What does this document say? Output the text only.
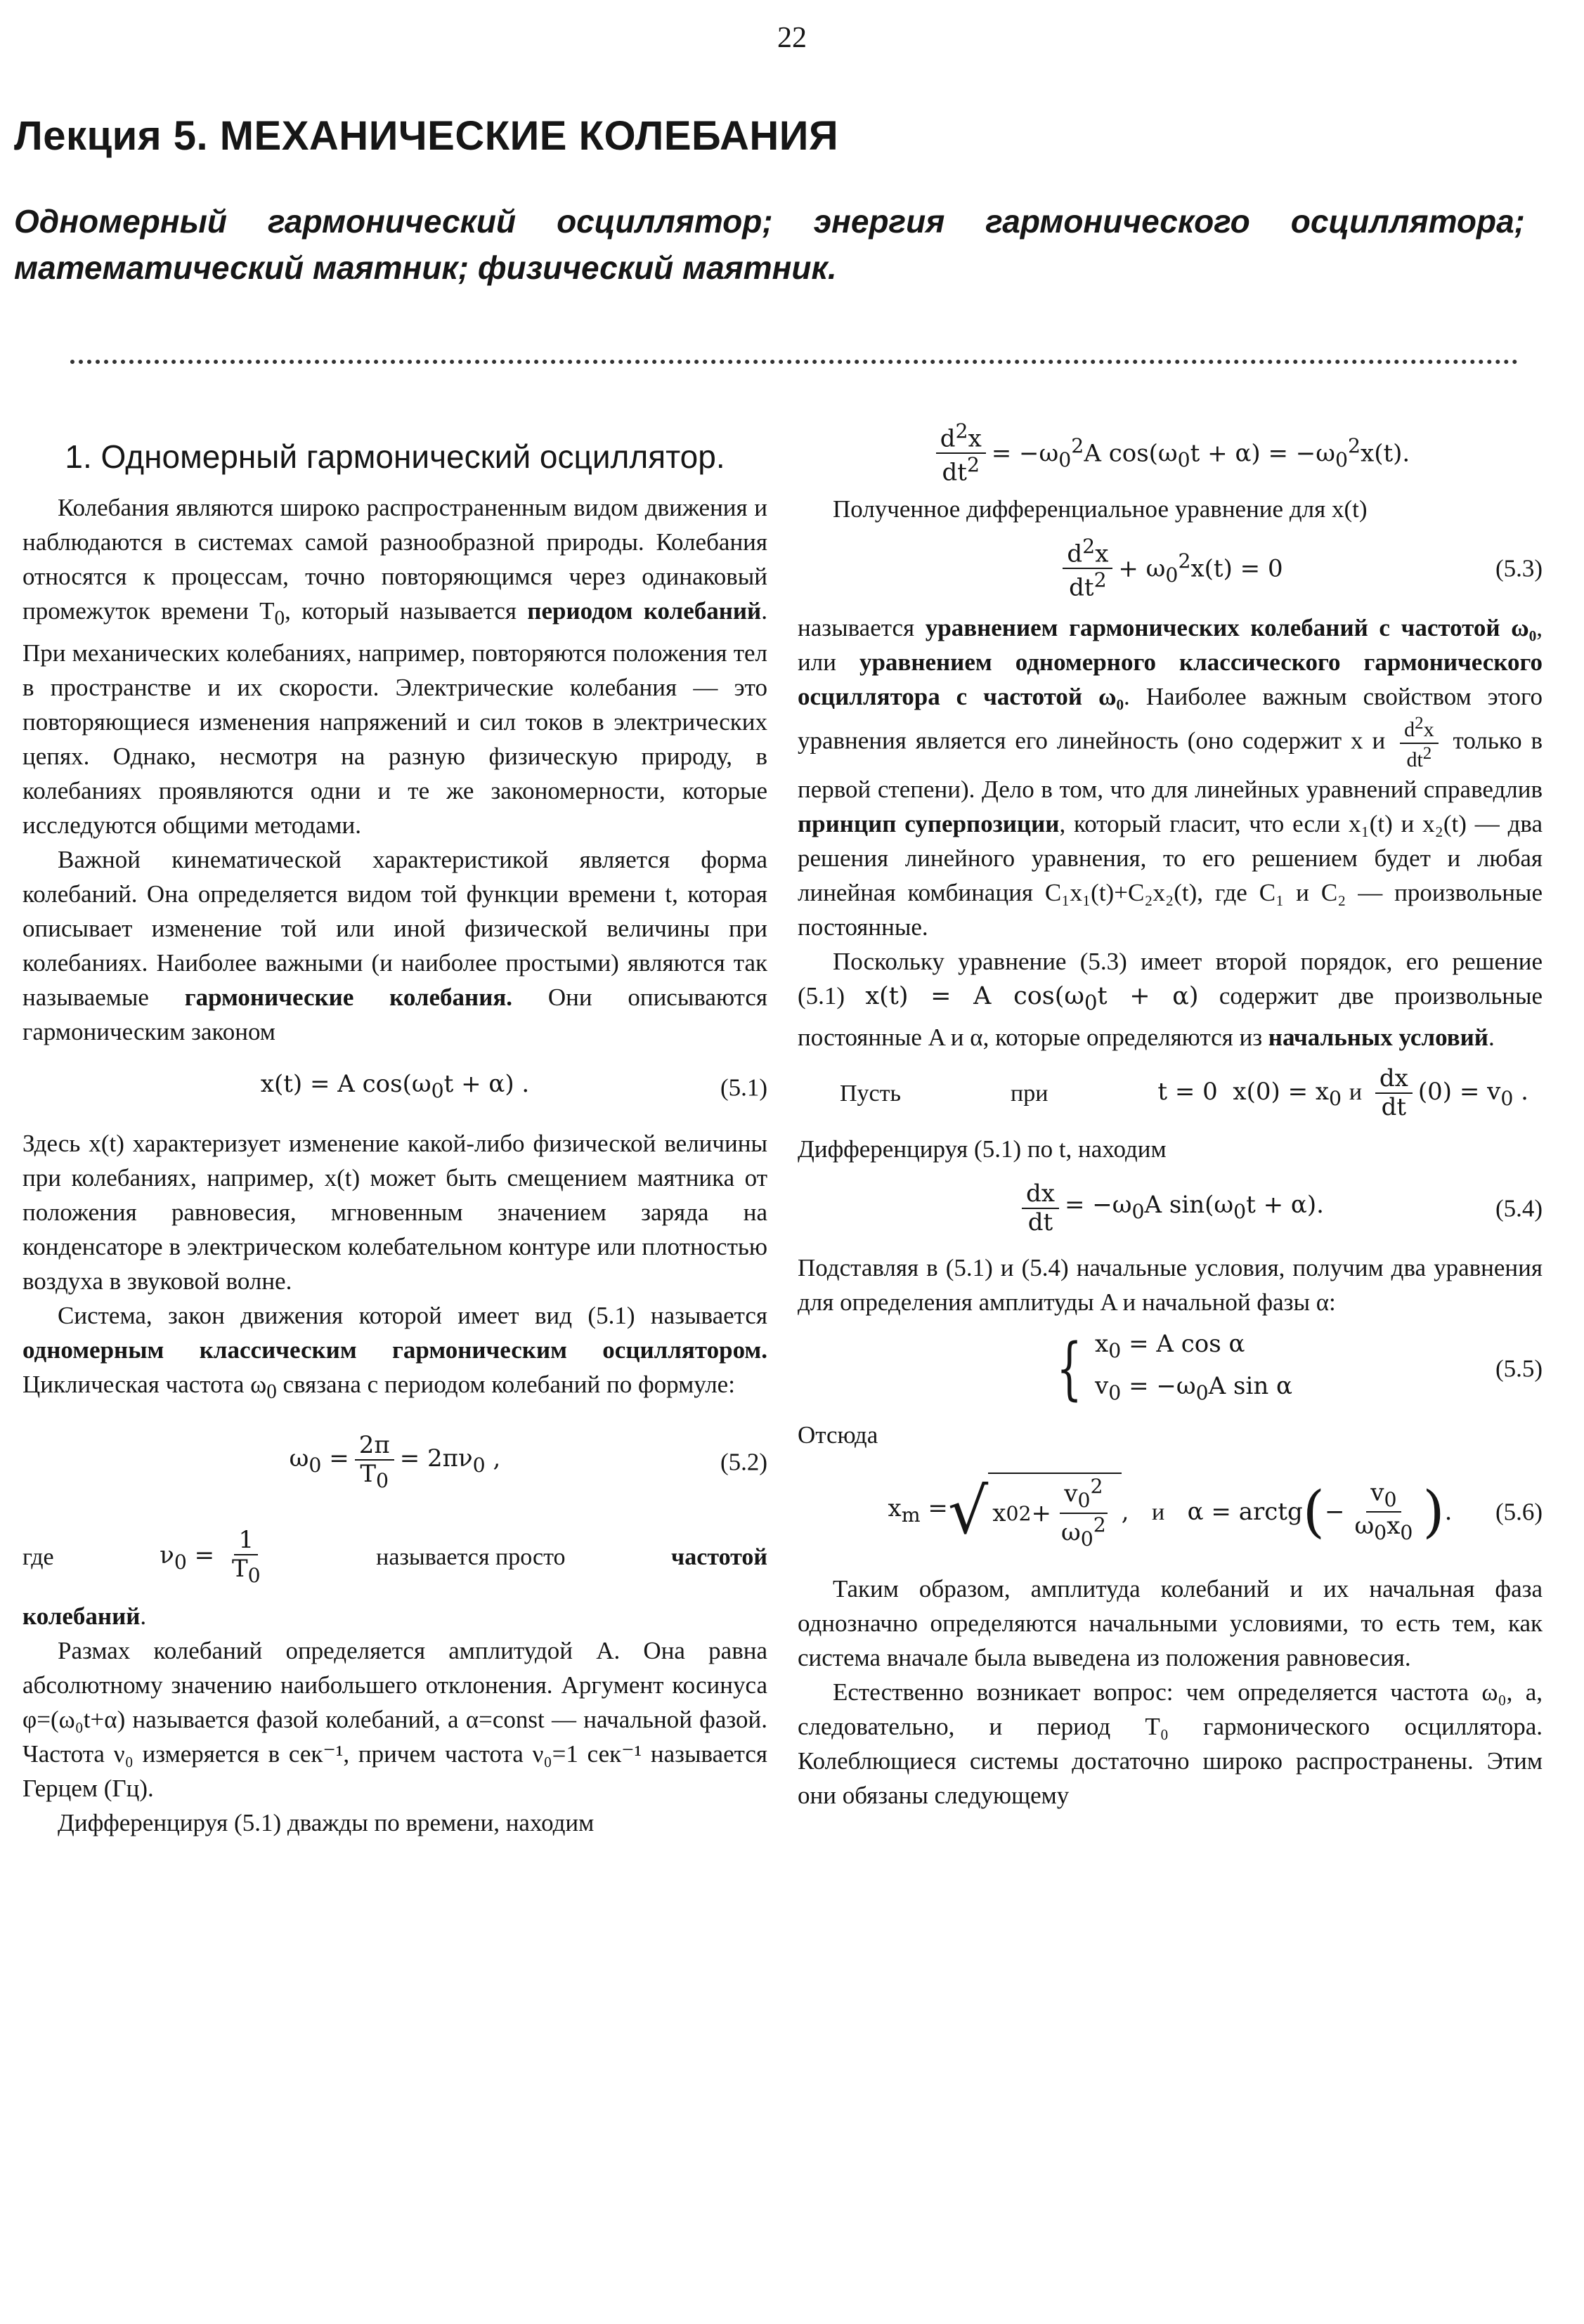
22
Лекция 5. МЕХАНИЧЕСКИЕ КОЛЕБАНИЯ

Одномерный гармонический осциллятор; энергия гармонического осциллятора; математический маятник; физический маятник.

1. Одномерный гармонический осциллятор.

Колебания являются широко распространенным видом движения и наблюдаются в системах самой разнообразной природы. Колебания относятся к процессам, точно повторяющимся через одинаковый промежуток времени $T_0$, который называется периодом колебаний. При механических колебаниях, например, повторяются положения тел в пространстве и их скорости. Электрические колебания — это повторяющиеся изменения напряжений и сил токов в электрических цепях. Однако, несмотря на разную физическую природу, в колебаниях проявляются одни и те же закономерности, которые исследуются общими методами.

Важной кинематической характеристикой является форма колебаний. Она определяется видом той функции времени t, которая описывает изменение той или иной физической величины при колебаниях. Наиболее важными (и наиболее простыми) являются так называемые гармонические колебания. Они описываются гармоническим законом

x(t) = A $\cos(\omega_0t + \alpha)$ .	(5.1)

Здесь x(t) характеризует изменение какой-либо физической величины при колебаниях, например, x(t) может быть смещением маятника от положения равновесия, мгновенным значением заряда на конденсаторе в электрическом колебательном контуре или плотностью воздуха в звуковой волне.

Система, закон движения которой имеет вид (5.1) называется одномерным классическим гармоническим осциллятором. Циклическая частота $\omega_0$ связана с периодом колебаний по формуле:

$\omega_0 = \frac{2\pi}{T_0} = 2\pi\nu_0$ ,	(5.2)
где	$\nu_0 = \frac{1}{T_0}$	называется просто	частотой

колебаний.

Размах колебаний определяется амплитудой A. Она равна абсолютному значению наибольшего отклонения. Аргумент косинуса φ=(ω₀t+α) называется фазой колебаний, а α=const — начальной фазой. Частота ν₀ измеряется в сек⁻¹, причем частота ν₀=1 сек⁻¹ называется Герцем (Гц).

Дифференцируя (5.1) дважды по времени, находим

$\frac{d^2x}{dt^2} = -\omega_0^2A$ $\cos(\omega_0t + \alpha) = -\omega_0^2x(t)$.

Полученное дифференциальное уравнение для x(t)

$\frac{d^2x}{dt^2} + \omega_0^2x(t) = 0$	(5.3)

называется уравнением гармонических колебаний с частотой ω₀, или уравнением одномерного классического гармонического осциллятора с частотой ω₀. Наиболее важным свойством этого уравнения является его линейность (оно содержит x и $\frac{d^2x}{dt^2}$ только в первой степени). Дело в том, что для линейных уравнений справедлив принцип суперпозиции, который гласит, что если x₁(t) и x₂(t) — два решения линейного уравнения, то его решением будет и любая линейная комбинация C₁x₁(t)+C₂x₂(t), где C₁ и C₂ — произвольные постоянные.

Поскольку уравнение (5.3) имеет второй порядок, его решение (5.1) x(t) = A $\cos(\omega_0t + \alpha)$ содержит две произвольные постоянные A и α, которые определяются из начальных условий.

Пусть	при	t = 0  $x(0) = x_0$ и $\frac{dx}{dt} (0) = v_0$ .

Дифференцируя (5.1) по t, находим

$\frac{dx}{dt} = -\omega_0A$ $\sin(\omega_0t + \alpha)$.	(5.4)

Подставляя в (5.1) и (5.4) начальные условия, получим два уравнения для определения амплитуды A и начальной фазы α:

{ $x_0 = A$ cos α
$v_0 = -\omega_0A$ sin α
(5.5)

Отсюда

$x_m$ = √ x 0 $2 + \frac{v_0^2}{\omega_0^2}$ ,   и   α = arctg ( − $\frac{v_0}{\omega_0x_0}$ ) . (5.6)

Таким образом, амплитуда колебаний и их начальная фаза однозначно определяются начальными условиями, то есть тем, как система вначале была выведена из положения равновесия.

Естественно возникает вопрос: чем определяется частота ω₀, а, следовательно, и период T₀ гармонического осциллятора. Колеблющиеся системы достаточно широко распространены. Этим они обязаны следующему
